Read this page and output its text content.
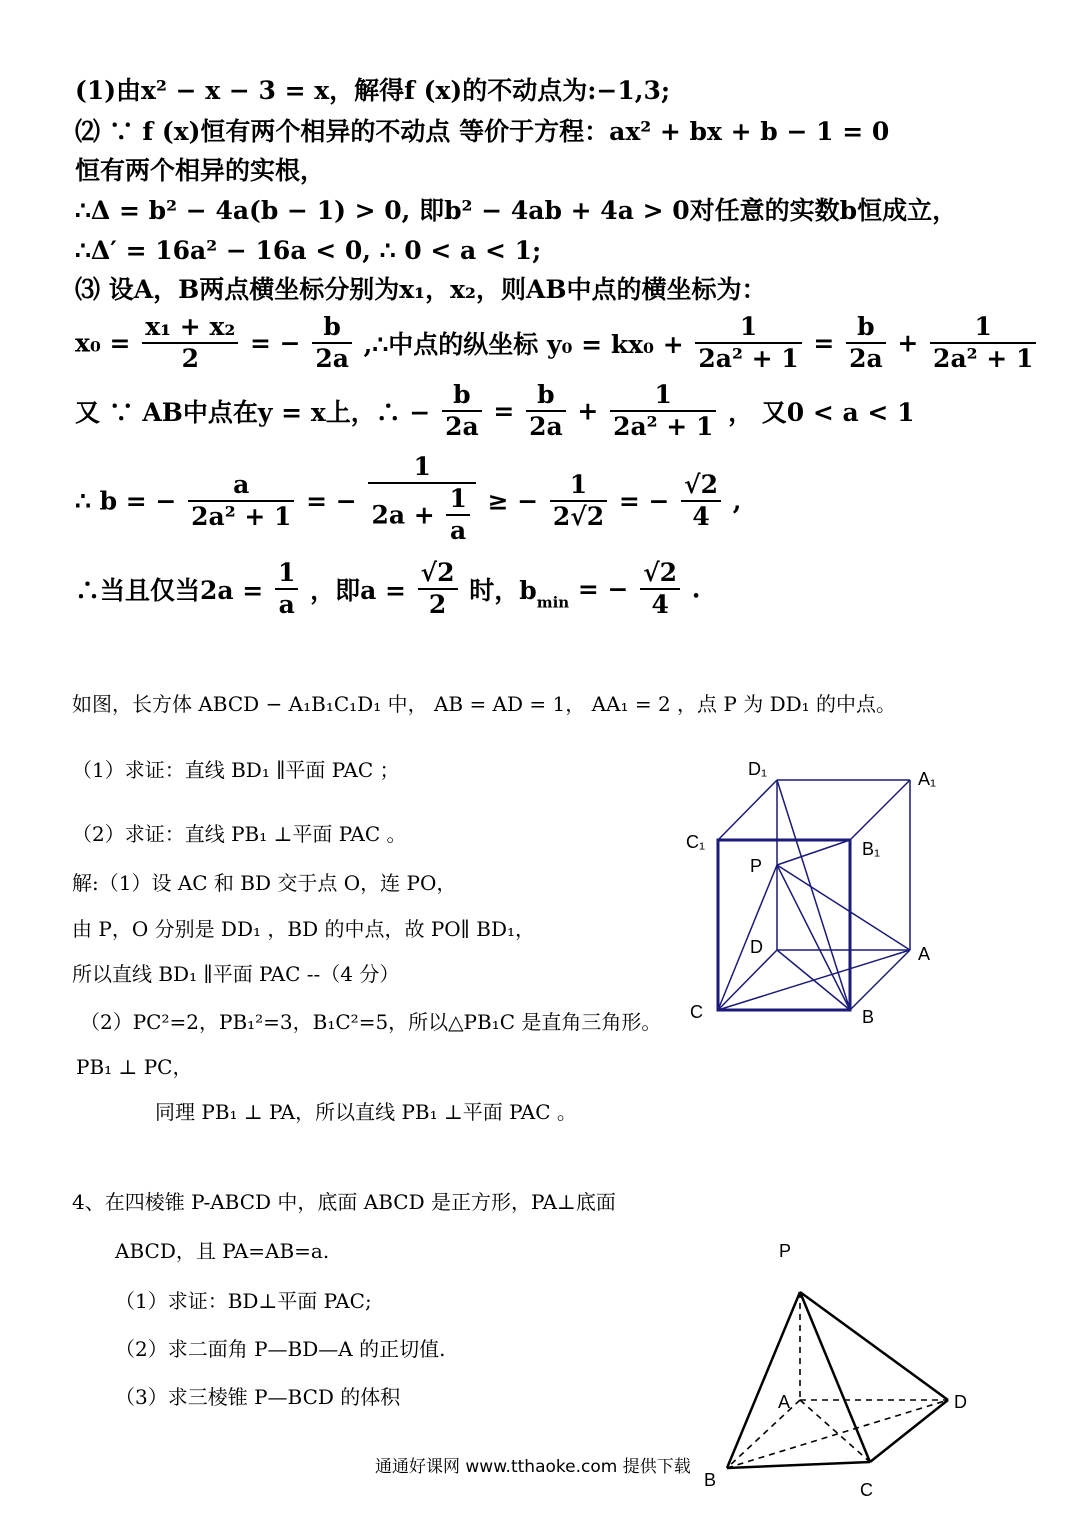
(1)由x² − x − 3 = x，解得f (x)的不动点为:−1,3;
⑵ ∵ f (x)恒有两个相异的不动点 等价于方程：ax² + bx + b − 1 = 0
恒有两个相异的实根，
∴Δ = b² − 4a(b − 1) > 0, 即b² − 4ab + 4a > 0对任意的实数b恒成立，
∴Δ′ = 16a² − 16a < 0, ∴ 0 < a < 1;
⑶ 设A，B两点横坐标分别为x₁，x₂，则AB中点的横坐标为：
$x_0 = \frac{\text{x₁ + x₂}}{2}$ = − $\frac{b}{2a}$ ,∴中点的纵坐标 $y_0 = kx_0 + \frac{1}{\text{2a² + 1}} = \frac{b}{2a} + \frac{1}{\text{2a² + 1}}$
又 ∵ AB中点在y = x上，∴ − $\frac{b}{2a} = \frac{b}{2a} + \frac{1}{\text{2a² + 1}}$ ， 又0 < a < 1
∴ b = − $\frac{a}{\text{2a² + 1}}$ = − $\frac{1}{2a + \frac{1}{a}}$ ≥ − $\frac{1}{2√2}$ = − $\frac{√2}{4}$ ,
∴当且仅当$2a = \frac{1}{a}$ ，即$a = \frac{√2}{2}$ 时，$b_{min}$ = − $\frac{√2}{4}$ .
如图，长方体 ABCD − A₁B₁C₁D₁ 中， AB = AD = 1， AA₁ = 2 ，点 P 为 DD₁ 的中点。
（1）求证：直线 BD₁ ∥平面 PAC ；
（2）求证：直线 PB₁ ⊥平面 PAC 。
解:（1）设 AC 和 BD 交于点 O，连 PO，
由 P，O 分别是 DD₁ ，BD 的中点，故 PO∥ BD₁，
所以直线 BD₁ ∥平面 PAC --（4 分）
（2）PC²=2，PB₁²=3，B₁C²=5，所以△PB₁C 是直角三角形。
PB₁ ⊥ PC，
同理 PB₁ ⊥ PA，所以直线 PB₁ ⊥平面 PAC 。
D₁	A₁
C₁	B₁
P
D	A
C	B
4、在四棱锥 P-ABCD 中，底面 ABCD 是正方形，PA⊥底面
ABCD，且 PA=AB=a.
（1）求证：BD⊥平面 PAC;
（2）求二面角 P—BD—A 的正切值.
（3）求三棱锥 P—BCD 的体积
P
A	D
B	C
通通好课网 www.tthaoke.com 提供下载
